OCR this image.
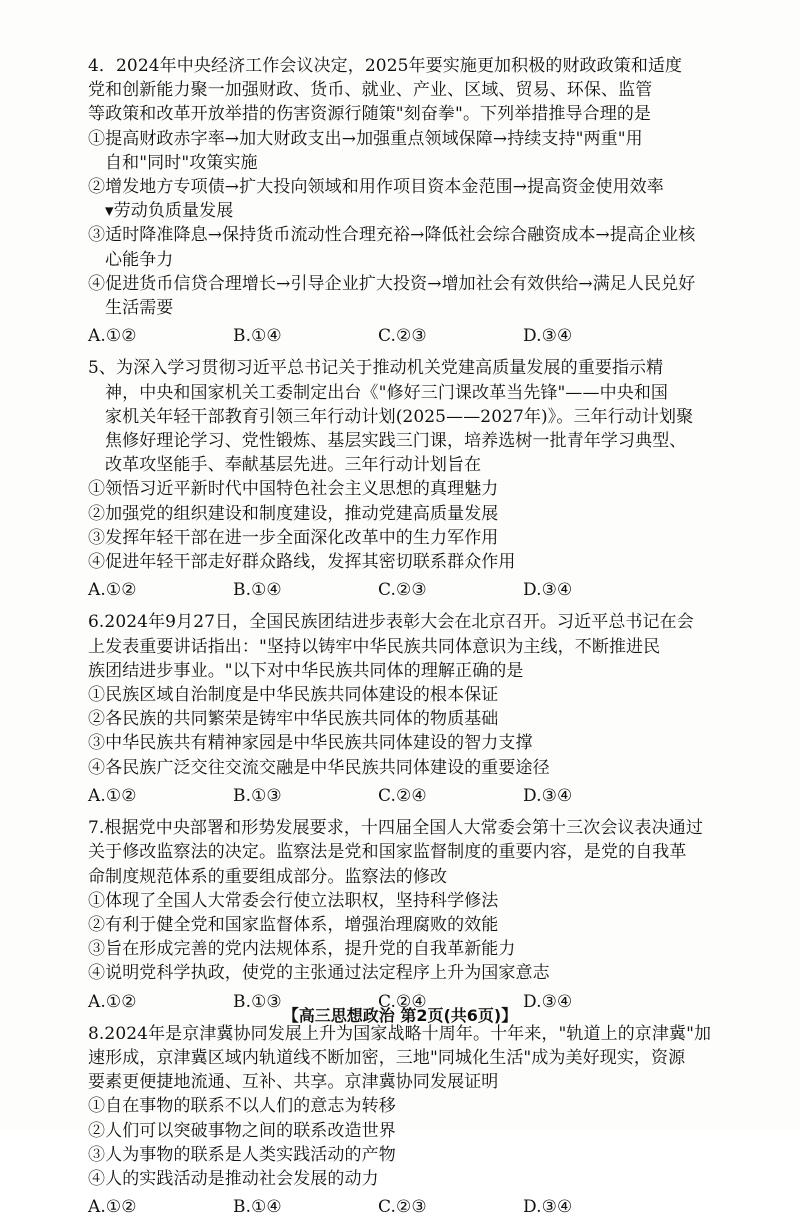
4．2024年中央经济工作会议决定，2025年要实施更加积极的财政政策和适度
党和创新能力聚一加强财政、货币、就业、产业、区域、贸易、环保、监管
等政策和改革开放举措的伤害资源行随策"刻奋拳"。下列举措推导合理的是
①提高财政赤字率→加大财政支出→加强重点领域保障→持续支持"两重"用
自和"同时"攻策实施
②增发地方专项债→扩大投向领域和用作项目资本金范围→提高资金使用效率
▾劳动负质量发展
③适时降准降息→保持货币流动性合理充裕→降低社会综合融资成本→提高企业核
心能争力
④促进货币信贷合理增长→引导企业扩大投资→增加社会有效供给→满足人民兑好
生活需要
A.①②	B.①④	C.②③	D.③④
5、为深入学习贯彻习近平总书记关于推动机关党建高质量发展的重要指示精
神，中央和国家机关工委制定出台《"修好三门课改革当先锋"——中央和国
家机关年轻干部教育引领三年行动计划(2025——2027年)》。三年行动计划聚
焦修好理论学习、党性锻炼、基层实践三门课，培养选树一批青年学习典型、
改革攻坚能手、奉献基层先进。三年行动计划旨在
①领悟习近平新时代中国特色社会主义思想的真理魅力
②加强党的组织建设和制度建设，推动党建高质量发展
③发挥年轻干部在进一步全面深化改革中的生力军作用
④促进年轻干部走好群众路线，发挥其密切联系群众作用
A.①②	B.①④	C.②③	D.③④
6.2024年9月27日，全国民族团结进步表彰大会在北京召开。习近平总书记在会
上发表重要讲话指出："坚持以铸牢中华民族共同体意识为主线，不断推进民
族团结进步事业。"以下对中华民族共同体的理解正确的是
①民族区域自治制度是中华民族共同体建设的根本保证
②各民族的共同繁荣是铸牢中华民族共同体的物质基础
③中华民族共有精神家园是中华民族共同体建设的智力支撑
④各民族广泛交往交流交融是中华民族共同体建设的重要途径
A.①②	B.①③	C.②④	D.③④
7.根据党中央部署和形势发展要求，十四届全国人大常委会第十三次会议表决通过
关于修改监察法的决定。监察法是党和国家监督制度的重要内容，是党的自我革
命制度规范体系的重要组成部分。监察法的修改
①体现了全国人大常委会行使立法职权，坚持科学修法
②有利于健全党和国家监督体系，增强治理腐败的效能
③旨在形成完善的党内法规体系，提升党的自我革新能力
④说明党科学执政，使党的主张通过法定程序上升为国家意志
A.①②	B.①③	C.②④	D.③④
8.2024年是京津冀协同发展上升为国家战略十周年。十年来，"轨道上的京津冀"加
速形成，京津冀区域内轨道线不断加密，三地"同城化生活"成为美好现实，资源
要素更便捷地流通、互补、共享。京津冀协同发展证明
①自在事物的联系不以人们的意志为转移
②人们可以突破事物之间的联系改造世界
③人为事物的联系是人类实践活动的产物
④人的实践活动是推动社会发展的动力
A.①②	B.①④	C.②③	D.③④
【高三思想政治 第2页(共6页)】
